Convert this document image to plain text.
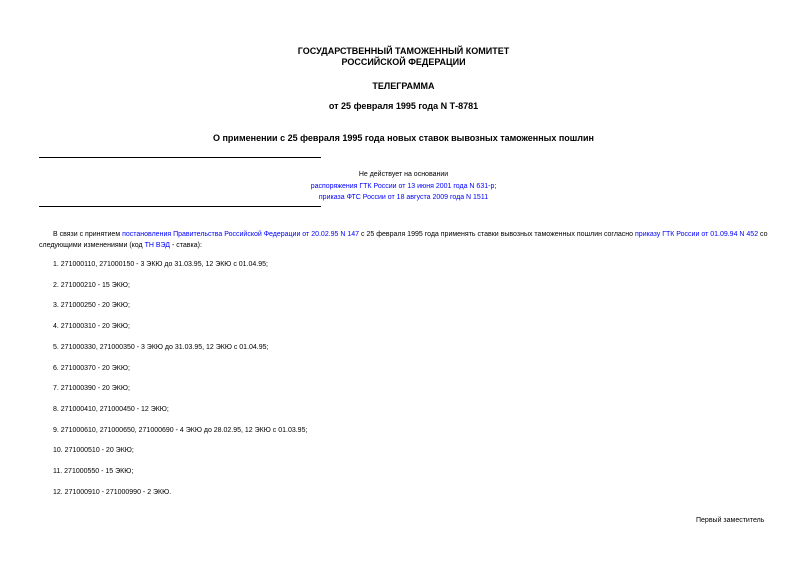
ГОСУДАРСТВЕННЫЙ ТАМОЖЕННЫЙ КОМИТЕТ
РОССИЙСКОЙ ФЕДЕРАЦИИ
ТЕЛЕГРАММА
от 25 февраля 1995 года N Т-8781
О применении с 25 февраля 1995 года новых ставок вывозных таможенных пошлин
Не действует на основании
распоряжения ГТК России от 13 июня 2001 года N 631-р;
приказа ФТС России от 18 августа 2009 года N 1511
В связи с принятием постановления Правительства Российской Федерации от 20.02.95 N 147 с 25 февраля 1995 года применять ставки вывозных таможенных пошлин согласно приказу ГТК России от 01.09.94 N 452 со следующими изменениями (код ТН ВЭД - ставка):
1. 271000110, 271000150 - 3 ЭКЮ до 31.03.95, 12 ЭКЮ с 01.04.95;
2. 271000210 - 15 ЭКЮ;
3. 271000250 - 20 ЭКЮ;
4. 271000310 - 20 ЭКЮ;
5. 271000330, 271000350 - 3 ЭКЮ до 31.03.95, 12 ЭКЮ с 01.04.95;
6. 271000370 - 20 ЭКЮ;
7. 271000390 - 20 ЭКЮ;
8. 271000410, 271000450 - 12 ЭКЮ;
9. 271000610, 271000650, 271000690 - 4 ЭКЮ до 28.02.95, 12 ЭКЮ с 01.03.95;
10. 271000510 - 20 ЭКЮ;
11. 271000550 - 15 ЭКЮ;
12. 271000910 - 271000990 - 2 ЭКЮ.
Первый заместитель
